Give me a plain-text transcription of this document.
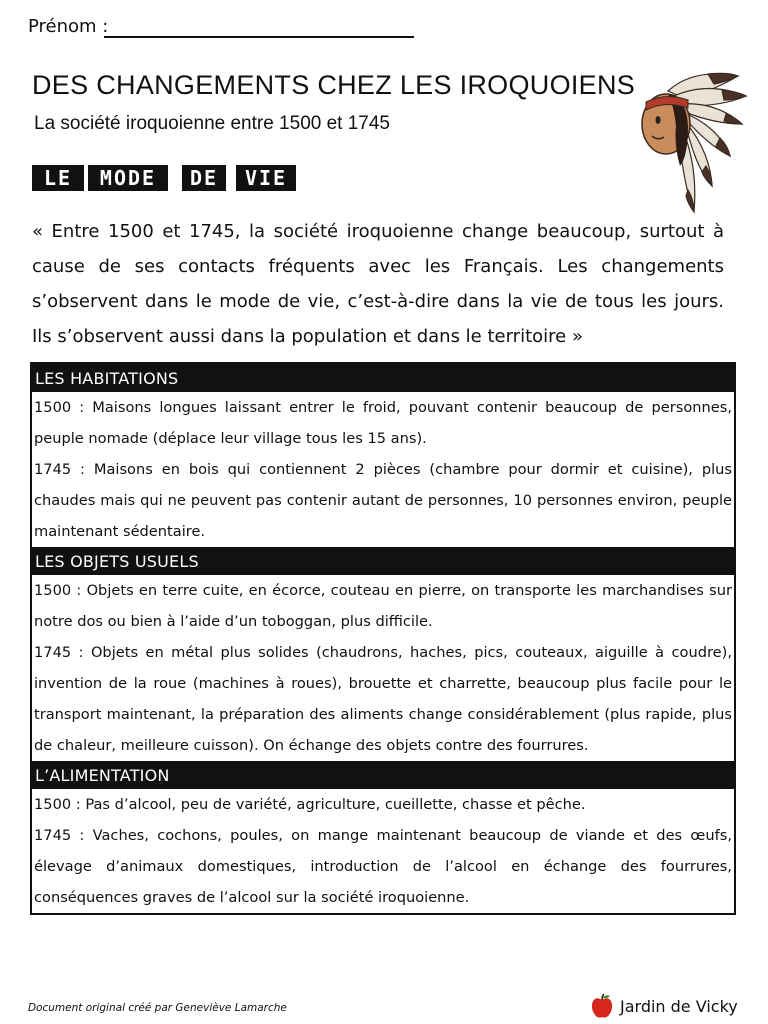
Prénom :
DES CHANGEMENTS CHEZ LES IROQUOIENS
La société iroquoienne entre 1500 et 1745
LE	MODE	DE	VIE
« Entre 1500 et 1745, la société iroquoienne change beaucoup, surtout à cause de ses contacts fréquents avec les Français. Les changements s’observent dans le mode de vie, c’est-à-dire dans la vie de tous les jours. Ils s’observent aussi dans la population et dans le territoire »
LES HABITATIONS
1500 : Maisons longues laissant entrer le froid, pouvant contenir beaucoup de personnes, peuple nomade (déplace leur village tous les 15 ans).
1745 : Maisons en bois qui contiennent 2 pièces (chambre pour dormir et cuisine), plus chaudes mais qui ne peuvent pas contenir autant de personnes, 10 personnes environ, peuple maintenant sédentaire.
LES OBJETS USUELS
1500 : Objets en terre cuite, en écorce, couteau en pierre, on transporte les marchandises sur notre dos ou bien à l’aide d’un toboggan, plus difficile.
1745 : Objets en métal plus solides (chaudrons, haches, pics, couteaux, aiguille à coudre), invention de la roue (machines à roues), brouette et charrette, beaucoup plus facile pour le transport maintenant, la préparation des aliments change considérablement (plus rapide, plus de chaleur, meilleure cuisson). On échange des objets contre des fourrures.
L’ALIMENTATION
1500 : Pas d’alcool, peu de variété, agriculture, cueillette, chasse et pêche.
1745 : Vaches, cochons, poules, on mange maintenant beaucoup de viande et des œufs, élevage d’animaux domestiques, introduction de l’alcool en échange des fourrures, conséquences graves de l’alcool sur la société iroquoienne.
Document original créé par Geneviève Lamarche	Jardin de Vicky
